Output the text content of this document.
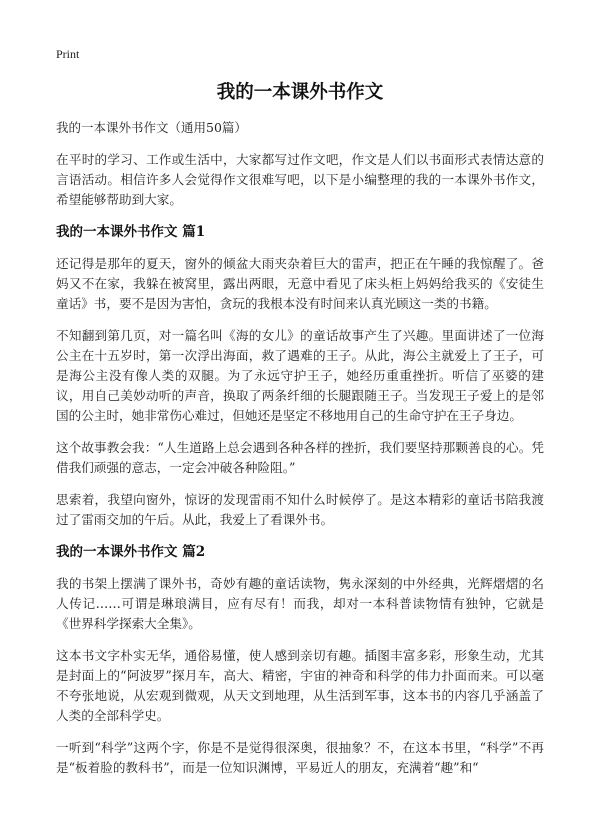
Print
我的一本课外书作文
我的一本课外书作文（通用50篇）

在平时的学习、工作或生活中，大家都写过作文吧，作文是人们以书面形式表情达意的言语活动。相信许多人会觉得作文很难写吧，以下是小编整理的我的一本课外书作文，希望能够帮助到大家。

我的一本课外书作文 篇1

还记得是那年的夏天，窗外的倾盆大雨夹杂着巨大的雷声，把正在午睡的我惊醒了。爸妈又不在家，我躲在被窝里，露出两眼，无意中看见了床头柜上妈妈给我买的《安徒生童话》书，要不是因为害怕，贪玩的我根本没有时间来认真光顾这一类的书籍。

不知翻到第几页，对一篇名叫《海的女儿》的童话故事产生了兴趣。里面讲述了一位海公主在十五岁时，第一次浮出海面，救了遇难的王子。从此，海公主就爱上了王子，可是海公主没有像人类的双腿。为了永远守护王子，她经历重重挫折。听信了巫婆的建议，用自己美妙动听的声音，换取了两条纤细的长腿跟随王子。当发现王子爱上的是邻国的公主时，她非常伤心难过，但她还是坚定不移地用自己的生命守护在王子身边。

这个故事教会我：“人生道路上总会遇到各种各样的挫折，我们要坚持那颗善良的心。凭借我们顽强的意志，一定会冲破各种险阻。”

思索着，我望向窗外，惊讶的发现雷雨不知什么时候停了。是这本精彩的童话书陪我渡过了雷雨交加的午后。从此，我爱上了看课外书。

我的一本课外书作文 篇2

我的书架上摆满了课外书，奇妙有趣的童话读物，隽永深刻的中外经典，光辉熠熠的名人传记……可谓是琳琅满目，应有尽有！而我，却对一本科普读物情有独钟，它就是《世界科学探索大全集》。

这本书文字朴实无华，通俗易懂，使人感到亲切有趣。插图丰富多彩，形象生动，尤其是封面上的“阿波罗”探月车，高大、精密，宇宙的神奇和科学的伟力扑面而来。可以毫不夸张地说，从宏观到微观，从天文到地理，从生活到军事，这本书的内容几乎涵盖了人类的全部科学史。

一听到“科学”这两个字，你是不是觉得很深奥，很抽象？不，在这本书里，“科学”不再是“板着脸的教科书”，而是一位知识渊博，平易近人的朋友，充满着“趣”和“
